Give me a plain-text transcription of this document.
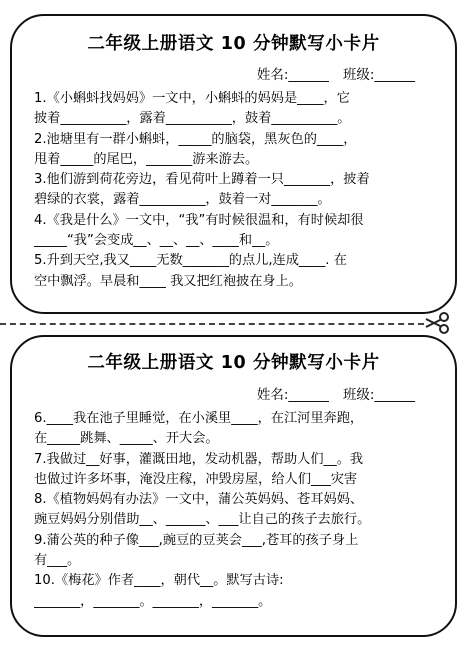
二年级上册语文 10 分钟默写小卡片
姓名:______ 班级:______
1.《小蝌蚪找妈妈》一文中，小蝌蚪的妈妈是____，它
披着__________，露着__________，鼓着__________。
2.池塘里有一群小蝌蚪，_____的脑袋，黑灰色的____，
甩着_____的尾巴，_______游来游去。
3.他们游到荷花旁边，看见荷叶上蹲着一只_______，披着
碧绿的衣裳，露着__________，鼓着一对_______。
4.《我是什么》一文中，“我”有时候很温和，有时候却很
_____“我”会变成__、__、__、____和__。
5.升到天空,我又____无数_______的点儿,连成____. 在
空中飘浮。早晨和____ 我又把红袍披在身上。
二年级上册语文 10 分钟默写小卡片
姓名:______ 班级:______
6.____我在池子里睡觉，在小溪里____，在江河里奔跑，
在_____跳舞、_____、开大会。
7.我做过__好事，灌溉田地，发动机器，帮助人们__。我
也做过许多坏事，淹没庄稼，冲毁房屋，给人们___灾害
8.《植物妈妈有办法》一文中，蒲公英妈妈、苍耳妈妈、
豌豆妈妈分别借助__、______、___让自己的孩子去旅行。
9.蒲公英的种子像___,豌豆的豆荚会___,苍耳的孩子身上
有___。
10.《梅花》作者____，朝代__。默写古诗:
_______，_______。_______，_______。
